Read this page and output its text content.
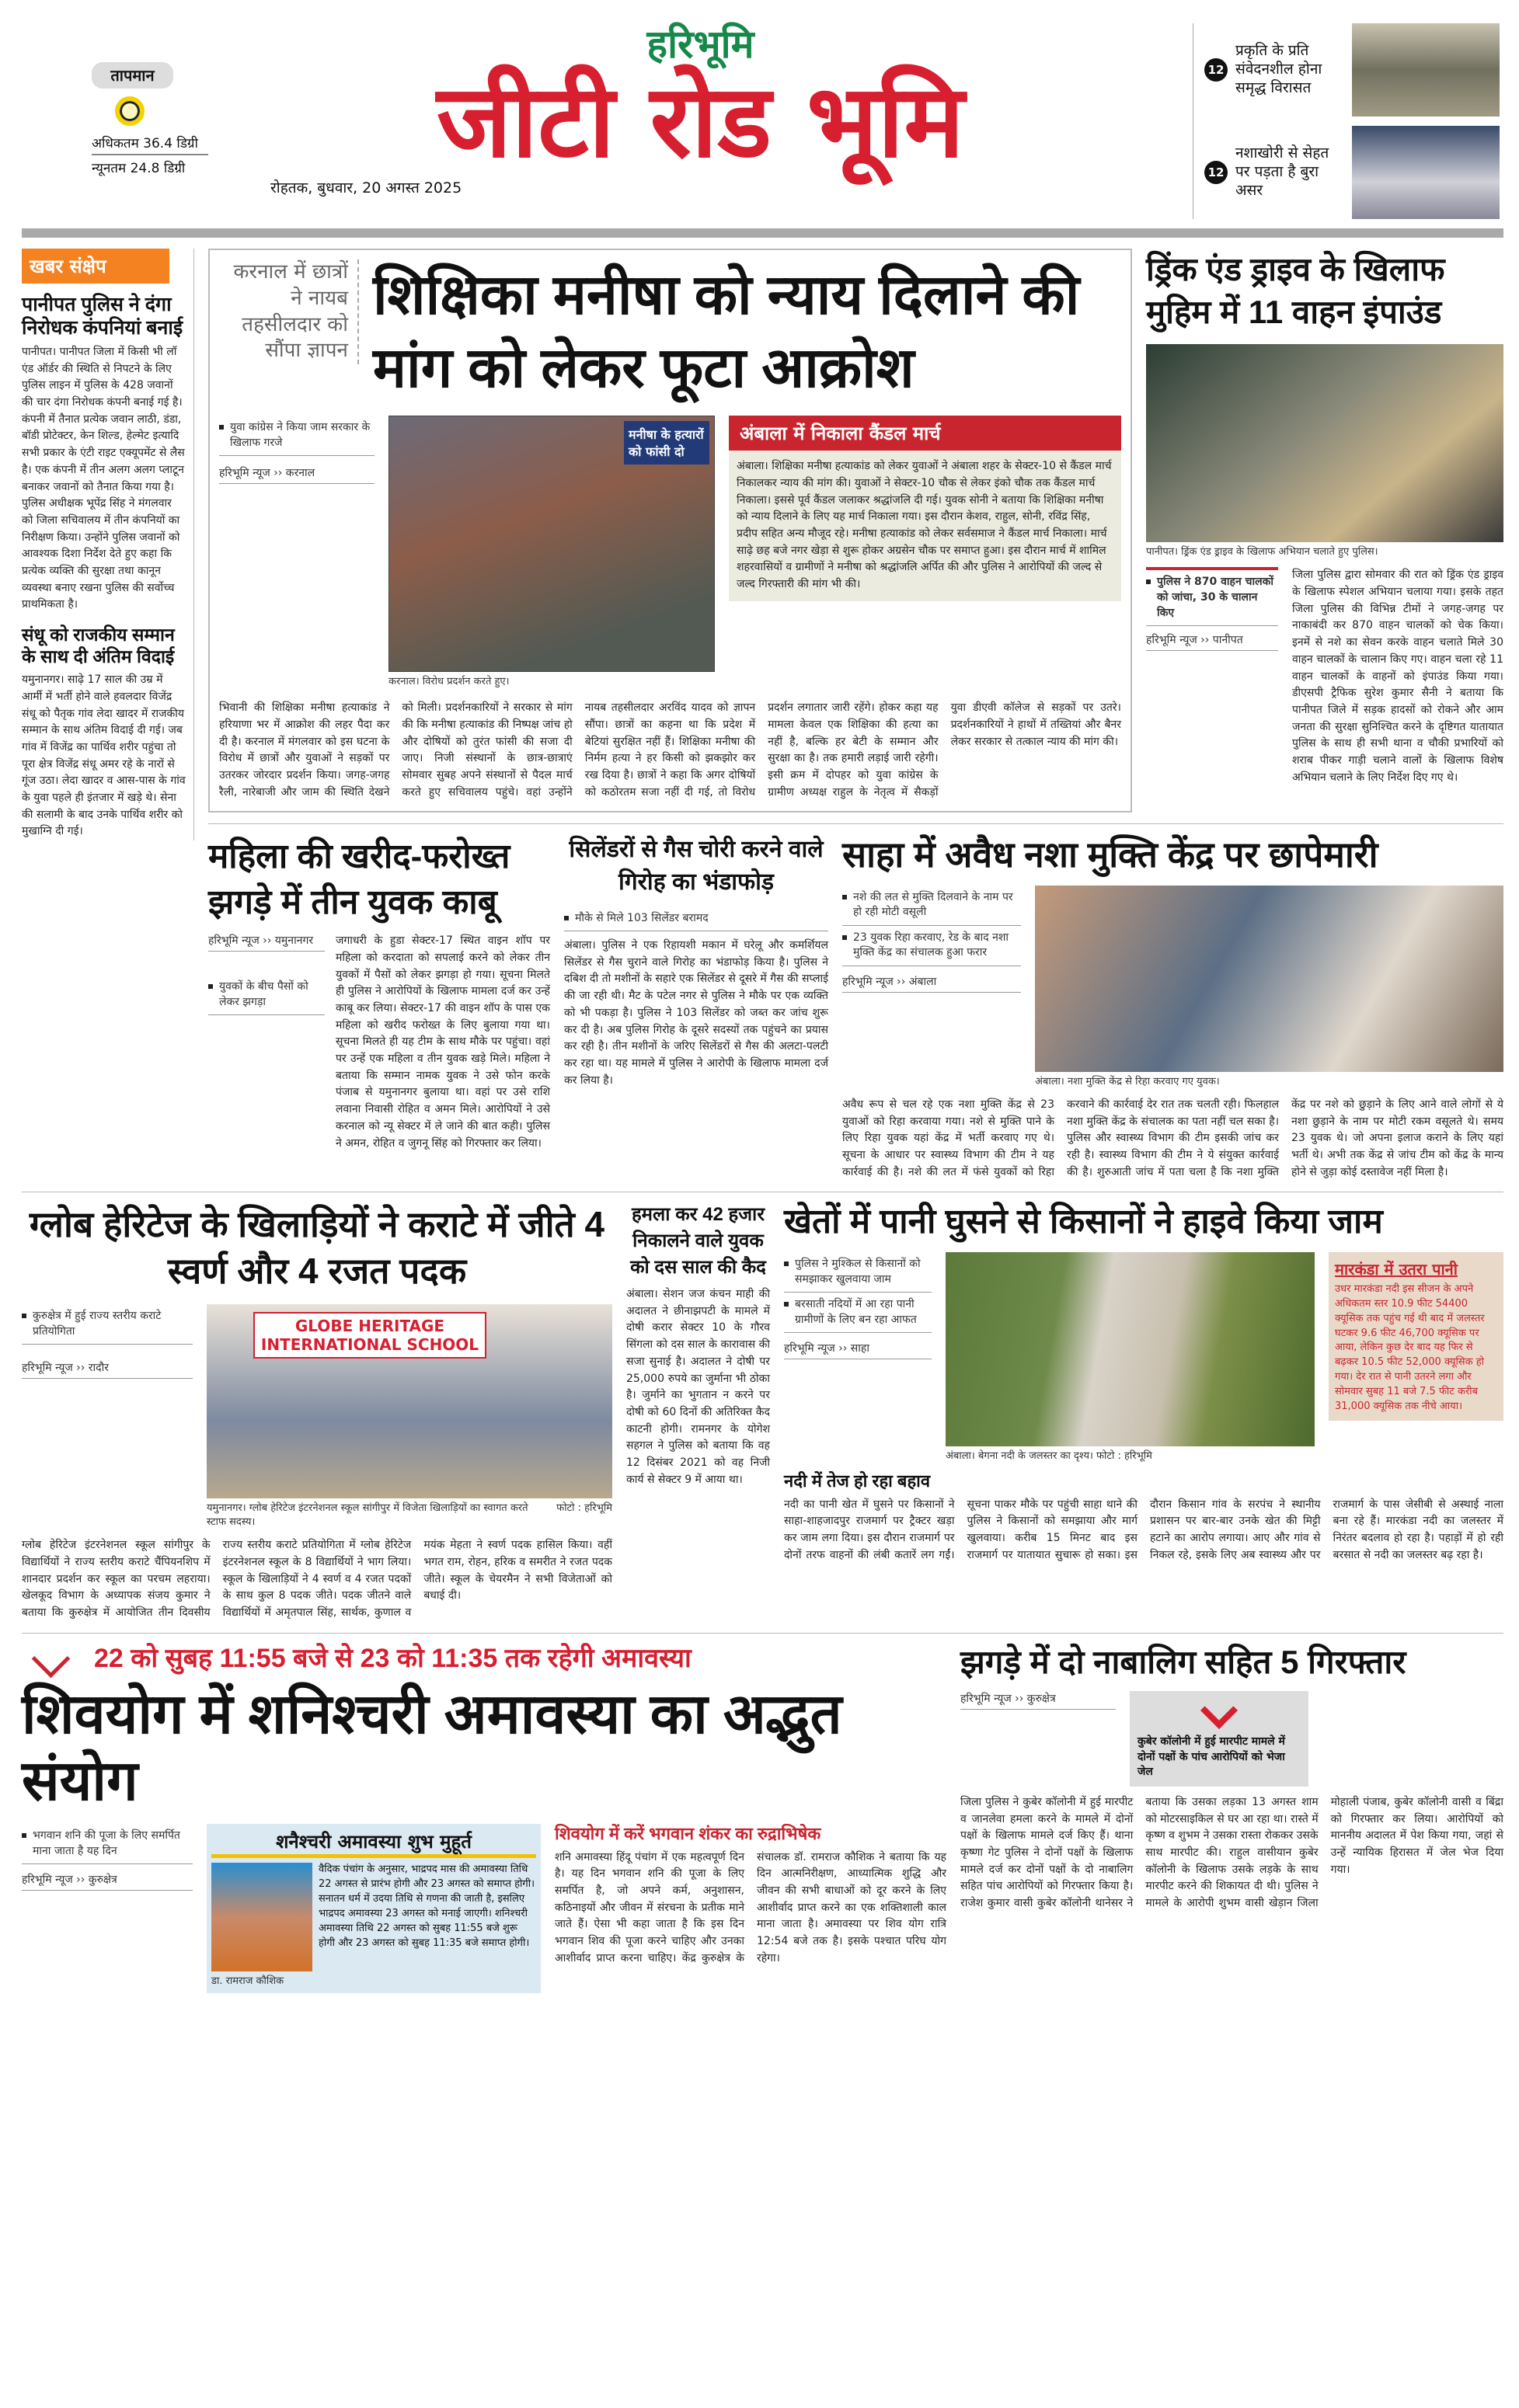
तापमान
अधिकतम 36.4 डिग्री
न्यूनतम 24.8 डिग्री
हरिभूमि
जीटी रोड भूमि
रोहतक, बुधवार, 20 अगस्त 2025
12
प्रकृति के प्रति संवेदनशील होना समृद्ध विरासत
12
नशाखोरी से सेहत पर पड़ता है बुरा असर
खबर संक्षेप
पानीपत पुलिस ने दंगा निरोधक कंपनियां बनाई
पानीपत। पानीपत जिला में किसी भी लॉ एंड ऑर्डर की स्थिति से निपटने के लिए पुलिस लाइन में पुलिस के 428 जवानों की चार दंगा निरोधक कंपनी बनाई गई है। कंपनी में तैनात प्रत्येक जवान लाठी, डंडा, बॉडी प्रोटेक्टर, केन शिल्ड, हेल्मेट इत्यादि सभी प्रकार के एंटी राइट एक्यूपमेंट से लैस है। एक कंपनी में तीन अलग अलग प्लाटून बनाकर जवानों को तैनात किया गया है। पुलिस अधीक्षक भूपेंद्र सिंह ने मंगलवार को जिला सचिवालय में तीन कंपनियों का निरीक्षण किया। उन्होंने पुलिस जवानों को आवश्यक दिशा निर्देश देते हुए कहा कि प्रत्येक व्यक्ति की सुरक्षा तथा कानून व्यवस्था बनाए रखना पुलिस की सर्वोच्च प्राथमिकता है।
संधू को राजकीय सम्मान के साथ दी अंतिम विदाई
यमुनानगर। साढ़े 17 साल की उम्र में आर्मी में भर्ती होने वाले हवलदार विजेंद्र संधू को पैतृक गांव लेदा खादर में राजकीय सम्मान के साथ अंतिम विदाई दी गई। जब गांव में विजेंद्र का पार्थिव शरीर पहुंचा तो पूरा क्षेत्र विजेंद्र संधू अमर रहे के नारों से गूंज उठा। लेदा खादर व आस-पास के गांव के युवा पहले ही इंतजार में खड़े थे। सेना की सलामी के बाद उनके पार्थिव शरीर को मुखाग्नि दी गई।
करनाल में छात्रों ने नायब तहसीलदार को सौंपा ज्ञापन
शिक्षिका मनीषा को न्याय दिलाने की मांग को लेकर फूटा आक्रोश
युवा कांग्रेस ने किया जाम सरकार के खिलाफ गरजे
हरिभूमि न्यूज ›› करनाल
मनीषा के हत्यारों को फांसी दो
करनाल। विरोध प्रदर्शन करते हुए।
अंबाला में निकाला कैंडल मार्च
अंबाला। शिक्षिका मनीषा हत्याकांड को लेकर युवाओं ने अंबाला शहर के सेक्टर-10 से कैंडल मार्च निकालकर न्याय की मांग की। युवाओं ने सेक्टर-10 चौक से लेकर इंको चौक तक कैंडल मार्च निकाला। इससे पूर्व कैंडल जलाकर श्रद्धांजलि दी गई। युवक सोनी ने बताया कि शिक्षिका मनीषा को न्याय दिलाने के लिए यह मार्च निकाला गया। इस दौरान केशव, राहुल, सोनी, रविंद्र सिंह, प्रदीप सहित अन्य मौजूद रहे। मनीषा हत्याकांड को लेकर सर्वसमाज ने कैंडल मार्च निकाला। मार्च साढ़े छह बजे नगर खेड़ा से शुरू होकर अग्रसेन चौक पर समाप्त हुआ। इस दौरान मार्च में शामिल शहरवासियों व ग्रामीणों ने मनीषा को श्रद्धांजलि अर्पित की और पुलिस ने आरोपियों की जल्द से जल्द गिरफ्तारी की मांग भी की।
भिवानी की शिक्षिका मनीषा हत्याकांड ने हरियाणा भर में आक्रोश की लहर पैदा कर दी है। करनाल में मंगलवार को इस घटना के विरोध में छात्रों और युवाओं ने सड़कों पर उतरकर जोरदार प्रदर्शन किया। जगह-जगह रैली, नारेबाजी और जाम की स्थिति देखने को मिली। प्रदर्शनकारियों ने सरकार से मांग की कि मनीषा हत्याकांड की निष्पक्ष जांच हो और दोषियों को तुरंत फांसी की सजा दी जाए। निजी संस्थानों के छात्र-छात्राएं सोमवार सुबह अपने संस्थानों से पैदल मार्च करते हुए सचिवालय पहुंचे। वहां उन्होंने नायब तहसीलदार अरविंद यादव को ज्ञापन सौंपा। छात्रों का कहना था कि प्रदेश में बेटियां सुरक्षित नहीं हैं। शिक्षिका मनीषा की निर्मम हत्या ने हर किसी को झकझोर कर रख दिया है। छात्रों ने कहा कि अगर दोषियों को कठोरतम सजा नहीं दी गई, तो विरोध प्रदर्शन लगातार जारी रहेंगे। होकर कहा यह मामला केवल एक शिक्षिका की हत्या का नहीं है, बल्कि हर बेटी के सम्मान और सुरक्षा का है। तक हमारी लड़ाई जारी रहेगी। इसी क्रम में दोपहर को युवा कांग्रेस के ग्रामीण अध्यक्ष राहुल के नेतृत्व में सैकड़ों युवा डीएवी कॉलेज से सड़कों पर उतरे। प्रदर्शनकारियों ने हाथों में तख्तियां और बैनर लेकर सरकार से तत्काल न्याय की मांग की।
ड्रिंक एंड ड्राइव के खिलाफ मुहिम में 11 वाहन इंपाउंड
पानीपत। ड्रिंक एंड ड्राइव के खिलाफ अभियान चलाते हुए पुलिस।
पुलिस ने 870 वाहन चालकों को जांचा, 30 के चालान किए
हरिभूमि न्यूज ›› पानीपत
जिला पुलिस द्वारा सोमवार की रात को ड्रिंक एंड ड्राइव के खिलाफ स्पेशल अभियान चलाया गया। इसके तहत जिला पुलिस की विभिन्न टीमों ने जगह-जगह पर नाकाबंदी कर 870 वाहन चालकों को चेक किया। इनमें से नशे का सेवन करके वाहन चलाते मिले 30 वाहन चालकों के चालान किए गए। वाहन चला रहे 11 वाहन चालकों के वाहनों को इंपाउंड किया गया। डीएसपी ट्रैफिक सुरेश कुमार सैनी ने बताया कि पानीपत जिले में सड़क हादसों को रोकने और आम जनता की सुरक्षा सुनिश्चित करने के दृष्टिगत यातायात पुलिस के साथ ही सभी थाना व चौकी प्रभारियों को शराब पीकर गाड़ी चलाने वालों के खिलाफ विशेष अभियान चलाने के लिए निर्देश दिए गए थे।
महिला की खरीद-फरोख्त झगड़े में तीन युवक काबू
हरिभूमि न्यूज ›› यमुनानगर
युवकों के बीच पैसों को लेकर झगड़ा
जगाधरी के हुडा सेक्टर-17 स्थित वाइन शॉप पर महिला को करदाता को सपलाई करने को लेकर तीन युवकों में पैसों को लेकर झगड़ा हो गया। सूचना मिलते ही पुलिस ने आरोपियों के खिलाफ मामला दर्ज कर उन्हें काबू कर लिया। सेक्टर-17 की वाइन शॉप के पास एक महिला को खरीद फरोख्त के लिए बुलाया गया था। सूचना मिलते ही यह टीम के साथ मौके पर पहुंचा। वहां पर उन्हें एक महिला व तीन युवक खड़े मिले। महिला ने बताया कि सम्मान नामक युवक ने उसे फोन करके पंजाब से यमुनानगर बुलाया था। वहां पर उसे राशि लवाना निवासी रोहित व अमन मिले। आरोपियों ने उसे करनाल को न्यू सेक्टर में ले जाने की बात कही। पुलिस ने अमन, रोहित व जुगनू सिंह को गिरफ्तार कर लिया।
सिलेंडरों से गैस चोरी करने वाले गिरोह का भंडाफोड़
मौके से मिले 103 सिलेंडर बरामद
अंबाला। पुलिस ने एक रिहायशी मकान में घरेलू और कमर्शियल सिलेंडर से गैस चुराने वाले गिरोह का भंडाफोड़ किया है। पुलिस ने दबिश दी तो मशीनों के सहारे एक सिलेंडर से दूसरे में गैस की सप्लाई की जा रही थी। मैट के पटेल नगर से पुलिस ने मौके पर एक व्यक्ति को भी पकड़ा है। पुलिस ने 103 सिलेंडर को जब्त कर जांच शुरू कर दी है। अब पुलिस गिरोह के दूसरे सदस्यों तक पहुंचने का प्रयास कर रही है। तीन मशीनों के जरिए सिलेंडरों से गैस की अलटा-पलटी कर रहा था। यह मामले में पुलिस ने आरोपी के खिलाफ मामला दर्ज कर लिया है।
साहा में अवैध नशा मुक्ति केंद्र पर छापेमारी
नशे की लत से मुक्ति दिलवाने के नाम पर हो रही मोटी वसूली
23 युवक रिहा करवाए, रेड के बाद नशा मुक्ति केंद्र का संचालक हुआ फरार
हरिभूमि न्यूज ›› अंबाला
अंबाला। नशा मुक्ति केंद्र से रिहा करवाए गए युवक।
अवैध रूप से चल रहे एक नशा मुक्ति केंद्र से 23 युवाओं को रिहा करवाया गया। नशे से मुक्ति पाने के लिए रिहा युवक यहां केंद्र में भर्ती करवाए गए थे। सूचना के आधार पर स्वास्थ्य विभाग की टीम ने यह कार्रवाई की है। नशे की लत में फंसे युवकों को रिहा करवाने की कार्रवाई देर रात तक चलती रही। फिलहाल नशा मुक्ति केंद्र के संचालक का पता नहीं चल सका है। पुलिस और स्वास्थ्य विभाग की टीम इसकी जांच कर रही है। स्वास्थ्य विभाग की टीम ने ये संयुक्त कार्रवाई की है। शुरुआती जांच में पता चला है कि नशा मुक्ति केंद्र पर नशे को छुड़ाने के लिए आने वाले लोगों से ये नशा छुड़ाने के नाम पर मोटी रकम वसूलते थे। समय 23 युवक थे। जो अपना इलाज कराने के लिए यहां भर्ती थे। अभी तक केंद्र से जांच टीम को केंद्र के मान्य होने से जुड़ा कोई दस्तावेज नहीं मिला है।
ग्लोब हेरिटेज के खिलाड़ियों ने कराटे में जीते 4 स्वर्ण और 4 रजत पदक
कुरुक्षेत्र में हुई राज्य स्तरीय कराटे प्रतियोगिता
हरिभूमि न्यूज ›› रादौर
GLOBE HERITAGE INTERNATIONAL SCHOOL
यमुनानगर। ग्लोब हेरिटेज इंटरनेशनल स्कूल सांगीपुर में विजेता खिलाड़ियों का स्वागत करते स्टाफ सदस्य।
फोटो : हरिभूमि
ग्लोब हेरिटेज इंटरनेशनल स्कूल सांगीपुर के विद्यार्थियों ने राज्य स्तरीय कराटे चैंपियनशिप में शानदार प्रदर्शन कर स्कूल का परचम लहराया। खेलकूद विभाग के अध्यापक संजय कुमार ने बताया कि कुरुक्षेत्र में आयोजित तीन दिवसीय राज्य स्तरीय कराटे प्रतियोगिता में ग्लोब हेरिटेज इंटरनेशनल स्कूल के 8 विद्यार्थियों ने भाग लिया। स्कूल के खिलाड़ियों ने 4 स्वर्ण व 4 रजत पदकों के साथ कुल 8 पदक जीते। पदक जीतने वाले विद्यार्थियों में अमृतपाल सिंह, सार्थक, कुणाल व मयंक मेहता ने स्वर्ण पदक हासिल किया। वहीं भगत राम, रोहन, हरिक व समरीत ने रजत पदक जीते। स्कूल के चेयरमैन ने सभी विजेताओं को बधाई दी।
हमला कर 42 हजार निकालने वाले युवक को दस साल की कैद
अंबाला। सेशन जज कंचन माही की अदालत ने छीनाझपटी के मामले में दोषी करार सेक्टर 10 के गौरव सिंगला को दस साल के कारावास की सजा सुनाई है। अदालत ने दोषी पर 25,000 रुपये का जुर्माना भी ठोका है। जुर्माने का भुगतान न करने पर दोषी को 60 दिनों की अतिरिक्त कैद काटनी होगी। रामनगर के योगेश सहगल ने पुलिस को बताया कि वह 12 दिसंबर 2021 को वह निजी कार्य से सेक्टर 9 में आया था।
खेतों में पानी घुसने से किसानों ने हाइवे किया जाम
पुलिस ने मुश्किल से किसानों को समझाकर खुलवाया जाम
बरसाती नदियों में आ रहा पानी ग्रामीणों के लिए बन रहा आफत
हरिभूमि न्यूज ›› साहा
अंबाला। बेगना नदी के जलस्तर का दृश्य। फोटो : हरिभूमि
मारकंडा में उतरा पानी
उधर मारकंडा नदी इस सीजन के अपने अधिकतम स्तर 10.9 फीट 54400 क्यूसिक तक पहुंच गई थी बाद में जलस्तर घटकर 9.6 फीट 46,700 क्यूसिक पर आया, लेकिन कुछ देर बाद यह फिर से बढ़कर 10.5 फीट 52,000 क्यूसिक हो गया। देर रात से पानी उतरने लगा और सोमवार सुबह 11 बजे 7.5 फीट करीब 31,000 क्यूसिक तक नीचे आया।
नदी में तेज हो रहा बहाव
नदी का पानी खेत में घुसने पर किसानों ने साहा-शाहजादपुर राजमार्ग पर ट्रैक्टर खड़ा कर जाम लगा दिया। इस दौरान राजमार्ग पर दोनों तरफ वाहनों की लंबी कतारें लग गईं। सूचना पाकर मौके पर पहुंची साहा थाने की पुलिस ने किसानों को समझाया और मार्ग खुलवाया। करीब 15 मिनट बाद इस राजमार्ग पर यातायात सुचारू हो सका। इस दौरान किसान गांव के सरपंच ने स्थानीय प्रशासन पर बार-बार उनके खेत की मिट्टी हटाने का आरोप लगाया। आए और गांव से निकल रहे, इसके लिए अब स्वास्थ्य और पर राजमार्ग के पास जेसीबी से अस्थाई नाला बना रहे हैं। मारकंडा नदी का जलस्तर में निरंतर बदलाव हो रहा है। पहाड़ों में हो रही बरसात से नदी का जलस्तर बढ़ रहा है।
22 को सुबह 11:55 बजे से 23 को 11:35 तक रहेगी अमावस्या
शिवयोग में शनिश्चरी अमावस्या का अद्भुत संयोग
भगवान शनि की पूजा के लिए समर्पित माना जाता है यह दिन
हरिभूमि न्यूज ›› कुरुक्षेत्र
शनैश्चरी अमावस्या शुभ मुहूर्त
डा. रामराज कौशिक
वैदिक पंचांग के अनुसार, भाद्रपद मास की अमावस्या तिथि 22 अगस्त से प्रारंभ होगी और 23 अगस्त को समाप्त होगी। सनातन धर्म में उदया तिथि से गणना की जाती है, इसलिए भाद्रपद अमावस्या 23 अगस्त को मनाई जाएगी। शनिश्चरी अमावस्या तिथि 22 अगस्त को सुबह 11:55 बजे शुरू होगी और 23 अगस्त को सुबह 11:35 बजे समाप्त होगी।
शिवयोग में करें भगवान शंकर का रुद्राभिषेक
शनि अमावस्या हिंदू पंचांग में एक महत्वपूर्ण दिन है। यह दिन भगवान शनि की पूजा के लिए समर्पित है, जो अपने कर्म, अनुशासन, कठिनाइयों और जीवन में संरचना के प्रतीक माने जाते हैं। ऐसा भी कहा जाता है कि इस दिन भगवान शिव की पूजा करने चाहिए और उनका आशीर्वाद प्राप्त करना चाहिए। केंद्र कुरुक्षेत्र के संचालक डॉ. रामराज कौशिक ने बताया कि यह दिन आत्मनिरीक्षण, आध्यात्मिक शुद्धि और जीवन की सभी बाधाओं को दूर करने के लिए आशीर्वाद प्राप्त करने का एक शक्तिशाली काल माना जाता है। अमावस्या पर शिव योग रात्रि 12:54 बजे तक है। इसके पश्चात परिघ योग रहेगा।
झगड़े में दो नाबालिग सहित 5 गिरफ्तार
हरिभूमि न्यूज ›› कुरुक्षेत्र
कुबेर कॉलोनी में हुई मारपीट मामले में दोनों पक्षों के पांच आरोपियों को भेजा जेल
जिला पुलिस ने कुबेर कॉलोनी में हुई मारपीट व जानलेवा हमला करने के मामले में दोनों पक्षों के खिलाफ मामले दर्ज किए हैं। थाना कृष्णा गेट पुलिस ने दोनों पक्षों के खिलाफ मामले दर्ज कर दोनों पक्षों के दो नाबालिग सहित पांच आरोपियों को गिरफ्तार किया है। राजेश कुमार वासी कुबेर कॉलोनी थानेसर ने बताया कि उसका लड़का 13 अगस्त शाम को मोटरसाइकिल से घर आ रहा था। रास्ते में कृष्ण व शुभम ने उसका रास्ता रोककर उसके साथ मारपीट की। राहुल वासीयान कुबेर कॉलोनी के खिलाफ उसके लड़के के साथ मारपीट करने की शिकायत दी थी। पुलिस ने मामले के आरोपी शुभम वासी खेड़ान जिला मोहाली पंजाब, कुबेर कॉलोनी वासी व बिंद्रा को गिरफ्तार कर लिया। आरोपियों को माननीय अदालत में पेश किया गया, जहां से उन्हें न्यायिक हिरासत में जेल भेज दिया गया।
